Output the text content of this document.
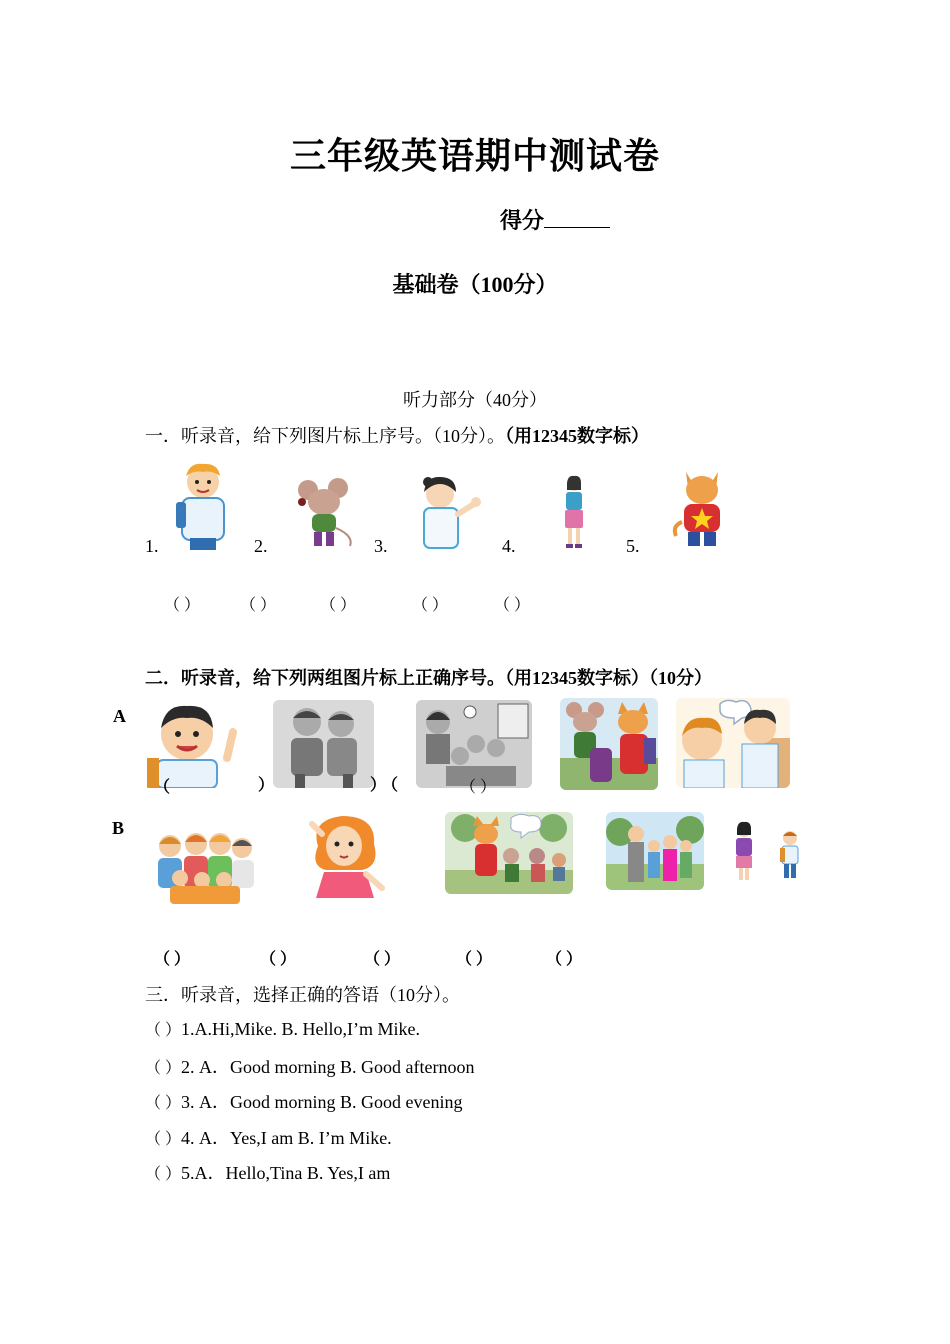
三年级英语期中测试卷
得分
基础卷（100分）
听力部分（40分）
一．听录音，给下列图片标上序号。（10分）。（用12345数字标）
1.	2.	3.	4.	5.
（ ） （ ）	（ ）	（ ）	（ ）
二．听录音，给下列两组图片标上正确序号。（用12345数字标）（10分）
A
（	）	）
（	（ ）
B
（ ）	（ ）	（ ）	（ ）	（ ）
三．听录音，选择正确的答语（10分）。
（ ）1.A.Hi,Mike. B. Hello,I’m Mike.
（ ）2. A．Good morning B. Good afternoon
（ ）3. A．Good morning B. Good evening
（ ）4. A．Yes,I am B. I’m Mike.
（ ）5.A．Hello,Tina B. Yes,I am
